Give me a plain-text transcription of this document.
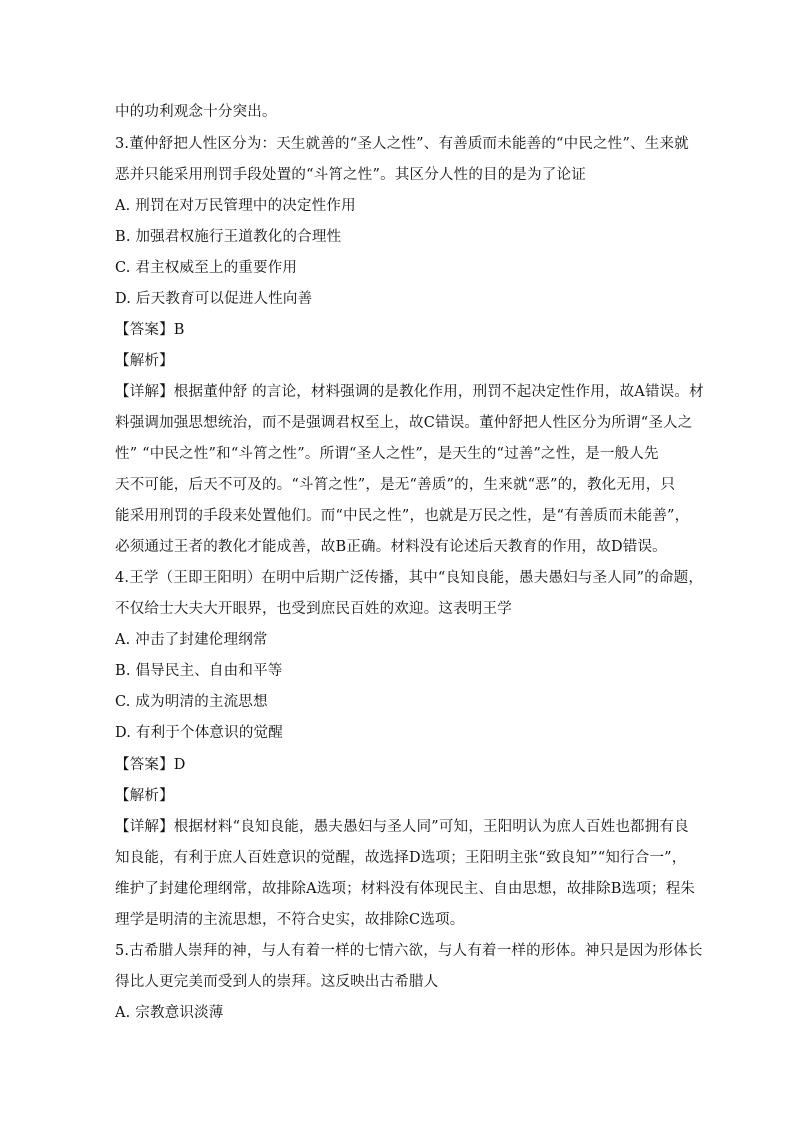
中的功利观念十分突出。
3.董仲舒把人性区分为：天生就善的“圣人之性”、有善质而未能善的“中民之性”、生来就
恶并只能采用刑罚手段处置的“斗筲之性”。其区分人性的目的是为了论证
A. 刑罚在对万民管理中的决定性作用
B. 加强君权施行王道教化的合理性
C. 君主权威至上的重要作用
D. 后天教育可以促进人性向善
【答案】B
【解析】
【详解】根据董仲舒 的言论，材料强调的是教化作用，刑罚不起决定性作用，故A错误。材
料强调加强思想统治，而不是强调君权至上，故C错误。董仲舒把人性区分为所谓“圣人之
性” “中民之性”和“斗筲之性”。所谓“圣人之性”，是天生的“过善”之性，是一般人先
天不可能，后天不可及的。“斗筲之性”，是无“善质”的，生来就“恶”的，教化无用，只
能采用刑罚的手段来处置他们。而“中民之性”，也就是万民之性，是“有善质而未能善”，
必须通过王者的教化才能成善，故B正确。材料没有论述后天教育的作用，故D错误。
4.王学（王即王阳明）在明中后期广泛传播，其中“良知良能，愚夫愚妇与圣人同”的命题，
不仅给士大夫大开眼界，也受到庶民百姓的欢迎。这表明王学
A. 冲击了封建伦理纲常
B. 倡导民主、自由和平等
C. 成为明清的主流思想
D. 有利于个体意识的觉醒
【答案】D
【解析】
【详解】根据材料“良知良能，愚夫愚妇与圣人同”可知，王阳明认为庶人百姓也都拥有良
知良能，有利于庶人百姓意识的觉醒，故选择D选项；王阳明主张“致良知”“知行合一”，
维护了封建伦理纲常，故排除A选项；材料没有体现民主、自由思想，故排除B选项；程朱
理学是明清的主流思想，不符合史实，故排除C选项。
5.古希腊人崇拜的神，与人有着一样的七情六欲，与人有着一样的形体。神只是因为形体长
得比人更完美而受到人的崇拜。这反映出古希腊人
A. 宗教意识淡薄
